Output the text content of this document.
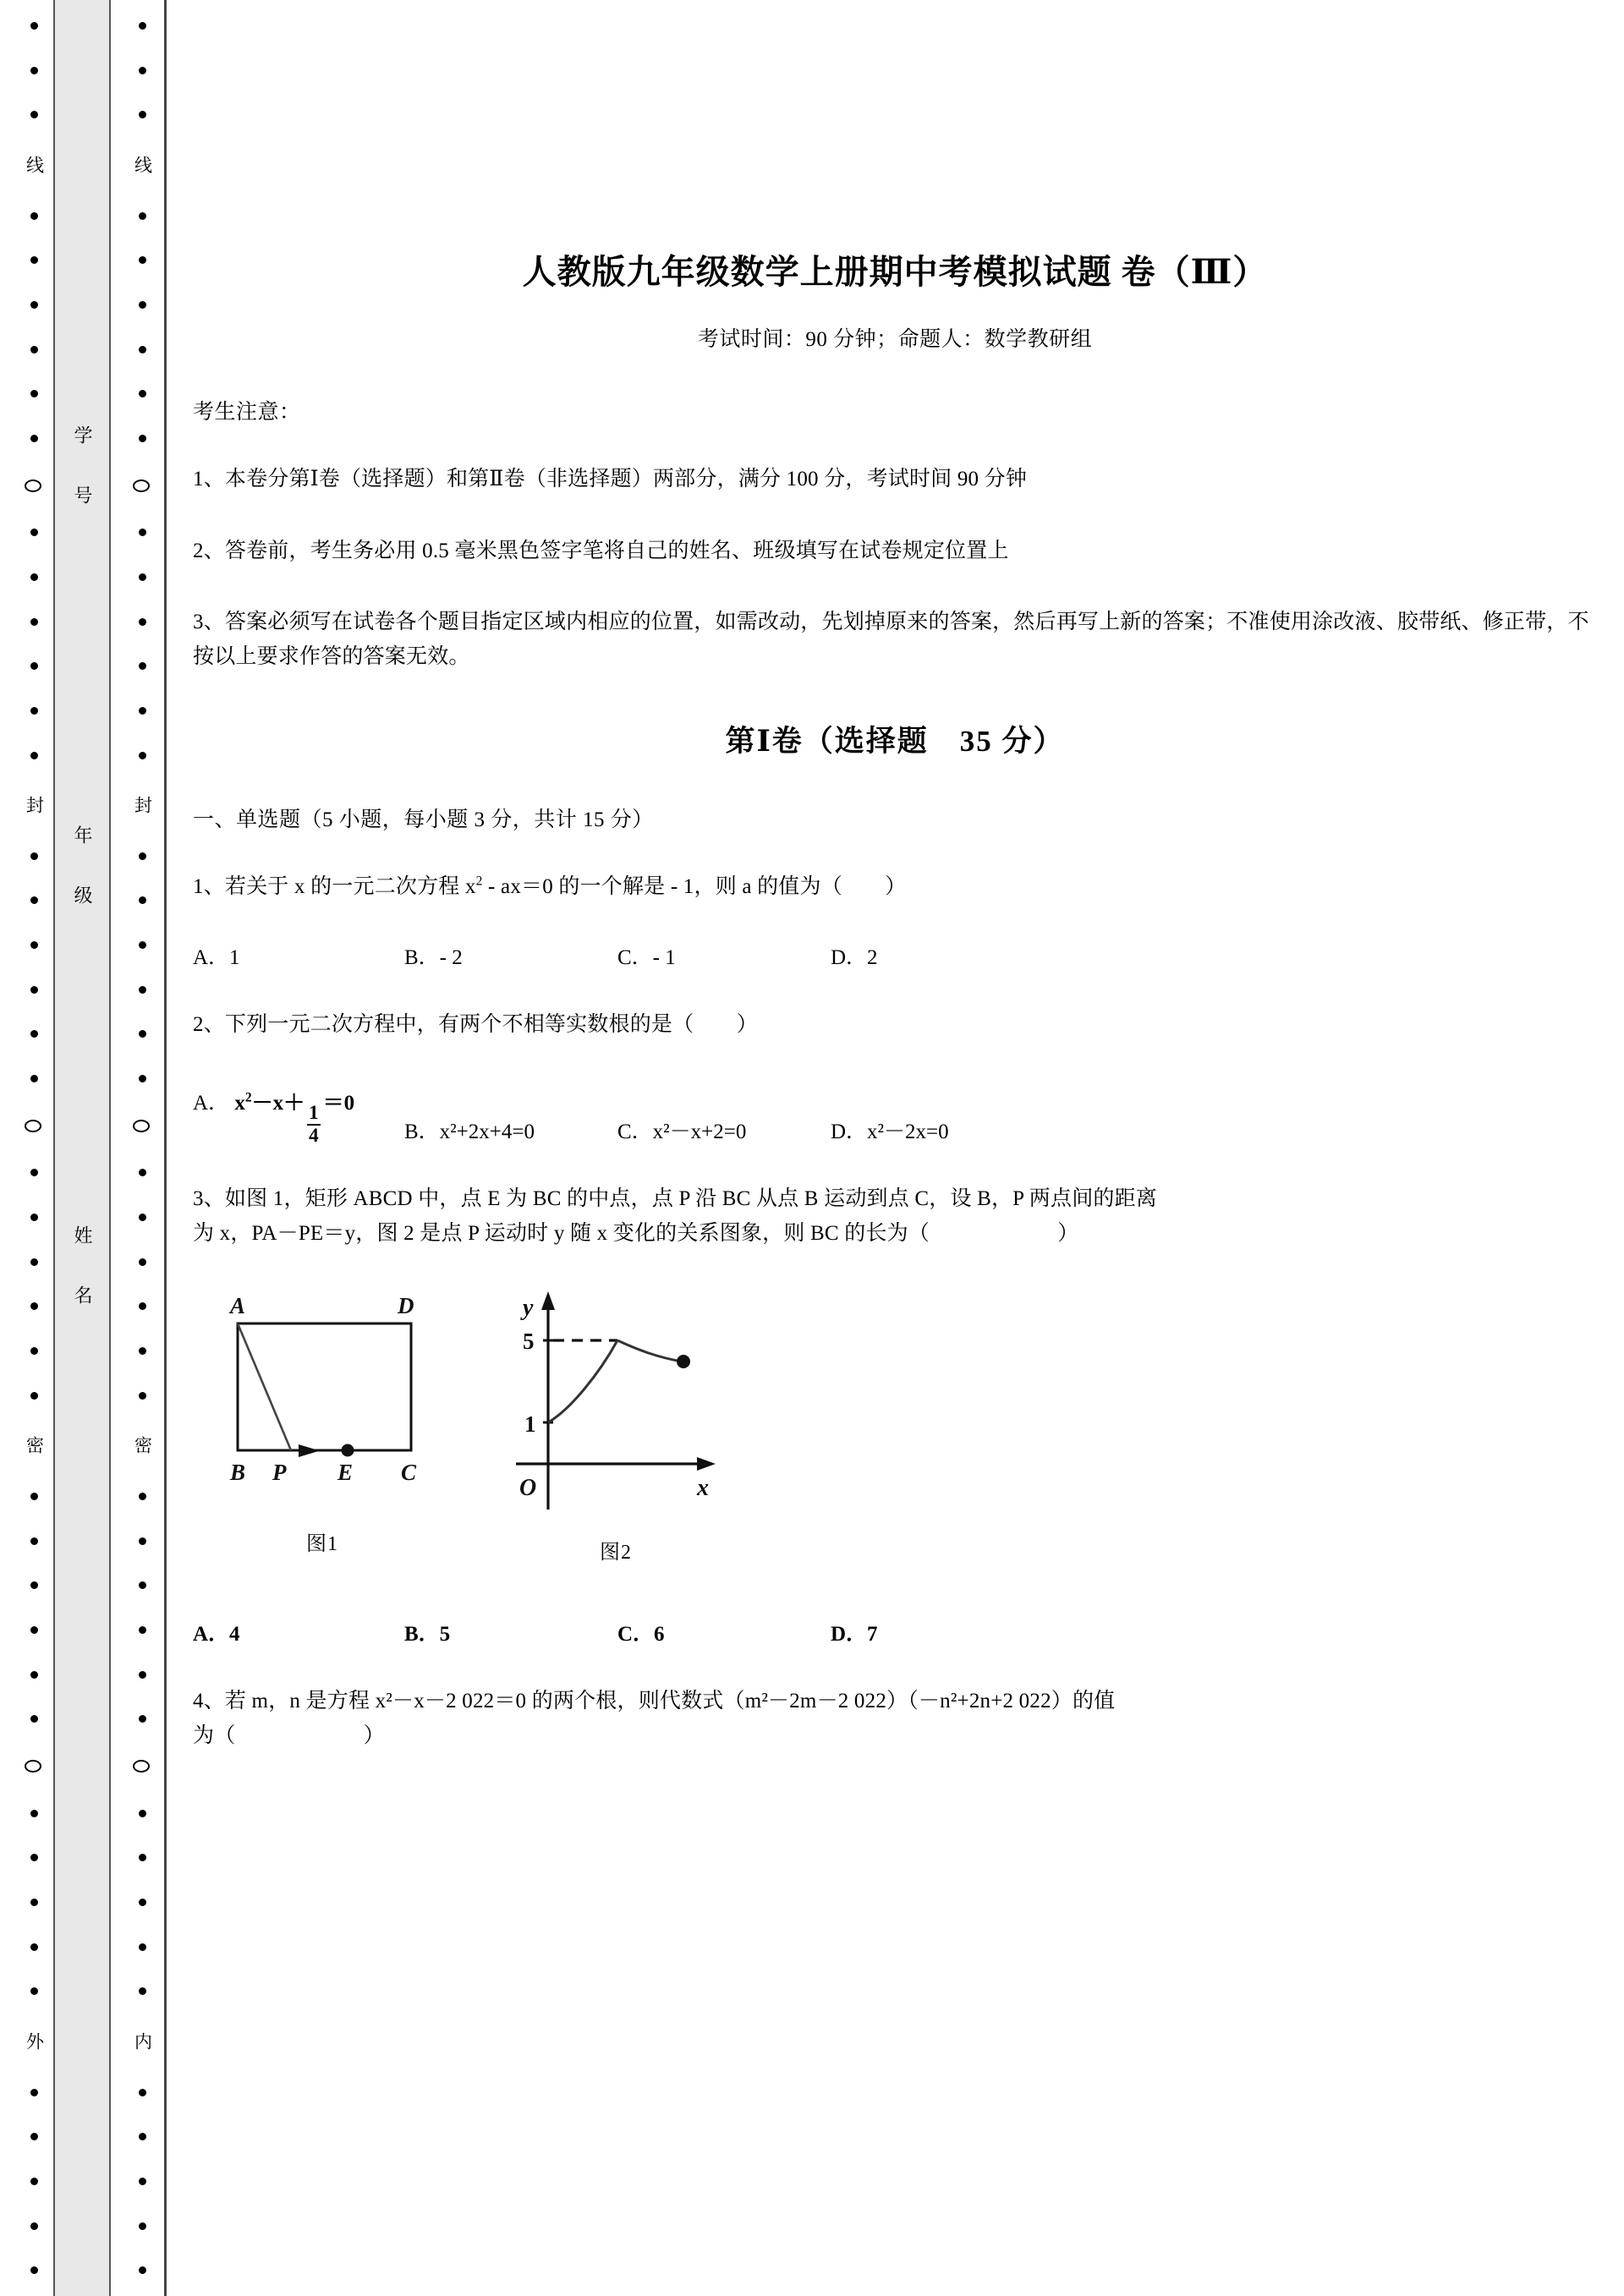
学 号
年 级
姓 名
线
封
密
外
线
封
密
内
人教版九年级数学上册期中考模拟试题 卷（Ⅲ）
考试时间：90 分钟；命题人：数学教研组
考生注意：
1、本卷分第Ⅰ卷（选择题）和第Ⅱ卷（非选择题）两部分，满分 100 分，考试时间 90 分钟
2、答卷前，考生务必用 0.5 毫米黑色签字笔将自己的姓名、班级填写在试卷规定位置上
3、答案必须写在试卷各个题目指定区域内相应的位置，如需改动，先划掉原来的答案，然后再写上新的答案；不准使用涂改液、胶带纸、修正带，不按以上要求作答的答案无效。
第Ⅰ卷（选择题　35 分）
一、单选题（5 小题，每小题 3 分，共计 15 分）
1、若关于 x 的一元二次方程 $x^2 - ax=0$ 的一个解是 - 1，则 a 的值为（　　）
A．1	B．- 2	C．- 1	D．2
2、下列一元二次方程中，有两个不相等实数根的是（　　）
A． $x^2-x+ \frac{1}{4} =0$
B．x²+2x+4=0	C．x²－x+2=0	D．x²－2x=0
3、如图 1，矩形 ABCD 中，点 E 为 BC 的中点，点 P 沿 BC 从点 B 运动到点 C，设 B，P 两点间的距离
为 x，PA－PE＝y，图 2 是点 P 运动时 y 随 x 变化的关系图象，则 BC 的长为（　　　　　　）
A	D
B P E C
图1
y
x
O
5
1
图2
A．4	B．5	C．6	D．7
4、若 m，n 是方程 x²－x－2 022＝0 的两个根，则代数式（m²－2m－2 022）（－n²+2n+2 022）的值
为（　　　　　　）
